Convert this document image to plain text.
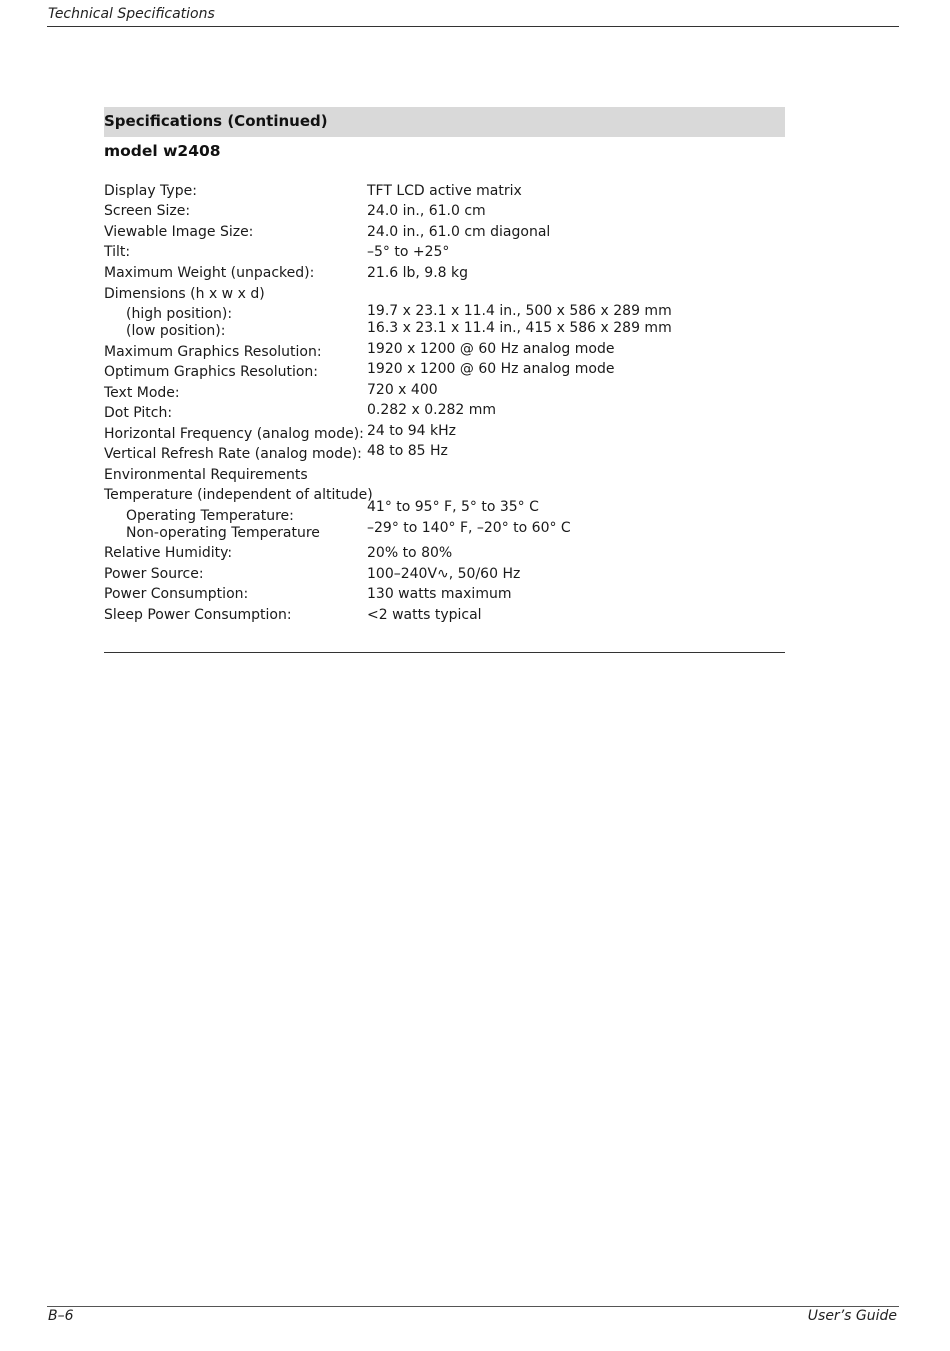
Technical Specifications
Specifications (Continued)
model w2408
Display Type:	TFT LCD active matrix
Screen Size:	24.0 in., 61.0 cm
Viewable Image Size:	24.0 in., 61.0 cm diagonal
Tilt:	–5° to +25°
Maximum Weight (unpacked):	21.6 lb, 9.8 kg
Dimensions (h x w x d)
(high position):	19.7 x 23.1 x 11.4 in., 500 x 586 x 289 mm
(low position):	16.3 x 23.1 x 11.4 in., 415 x 586 x 289 mm
Maximum Graphics Resolution:	1920 x 1200 @ 60 Hz analog mode
Optimum Graphics Resolution:	1920 x 1200 @ 60 Hz analog mode
Text Mode:	720 x 400
Dot Pitch:	0.282 x 0.282 mm
Horizontal Frequency (analog mode): 24 to 94 kHz
Vertical Refresh Rate (analog mode): 48 to 85 Hz
Environmental Requirements
Temperature (independent of altitude)
Operating Temperature:
41° to 95° F, 5° to 35° C
Non-operating Temperature	–29° to 140° F, –20° to 60° C
Relative Humidity:	20% to 80%
Power Source:	100–240V∿, 50/60 Hz
Power Consumption:	130 watts maximum
Sleep Power Consumption:	<2 watts typical
B–6	User’s Guide
